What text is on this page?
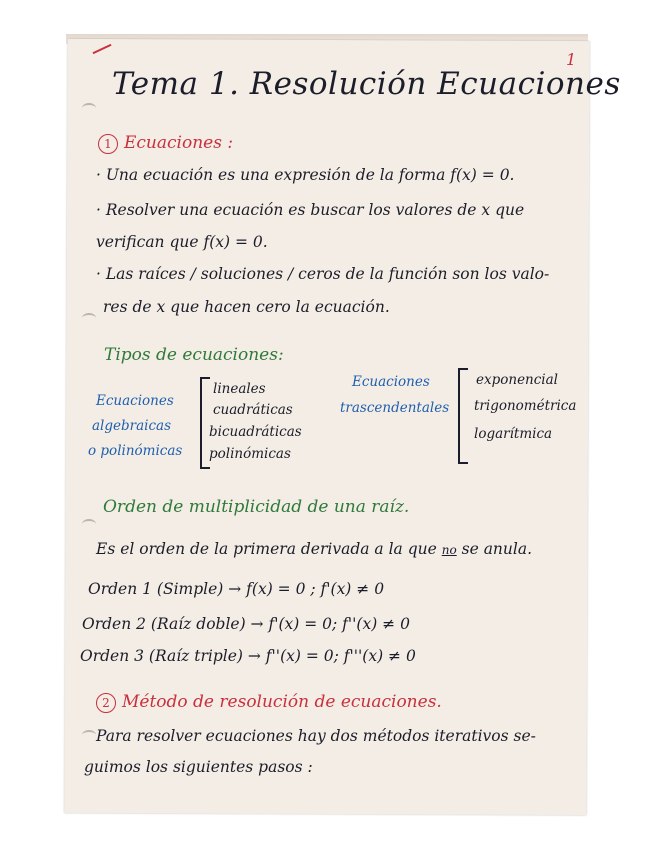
1
Tema 1. Resolución Ecuaciones
1 Ecuaciones :
· Una ecuación es una expresión de la forma f(x) = 0.
· Resolver una ecuación es buscar los valores de x que
verifican que f(x) = 0.
· Las raíces / soluciones / ceros de la función son los valo-
res de x que hacen cero la ecuación.
Tipos de ecuaciones:
Ecuaciones
algebraicas
o polinómicas
lineales
cuadráticas
bicuadráticas
polinómicas
Ecuaciones
trascendentales
exponencial
trigonométrica
logarítmica
Orden de multiplicidad de una raíz.
Es el orden de la primera derivada a la que no se anula.
Orden 1 (Simple) → f(x) = 0 ; f'(x) ≠ 0
Orden 2 (Raíz doble) → f'(x) = 0; f''(x) ≠ 0
Orden 3 (Raíz triple) → f''(x) = 0; f'''(x) ≠ 0
2 Método de resolución de ecuaciones.
Para resolver ecuaciones hay dos métodos iterativos se-
guimos los siguientes pasos :
